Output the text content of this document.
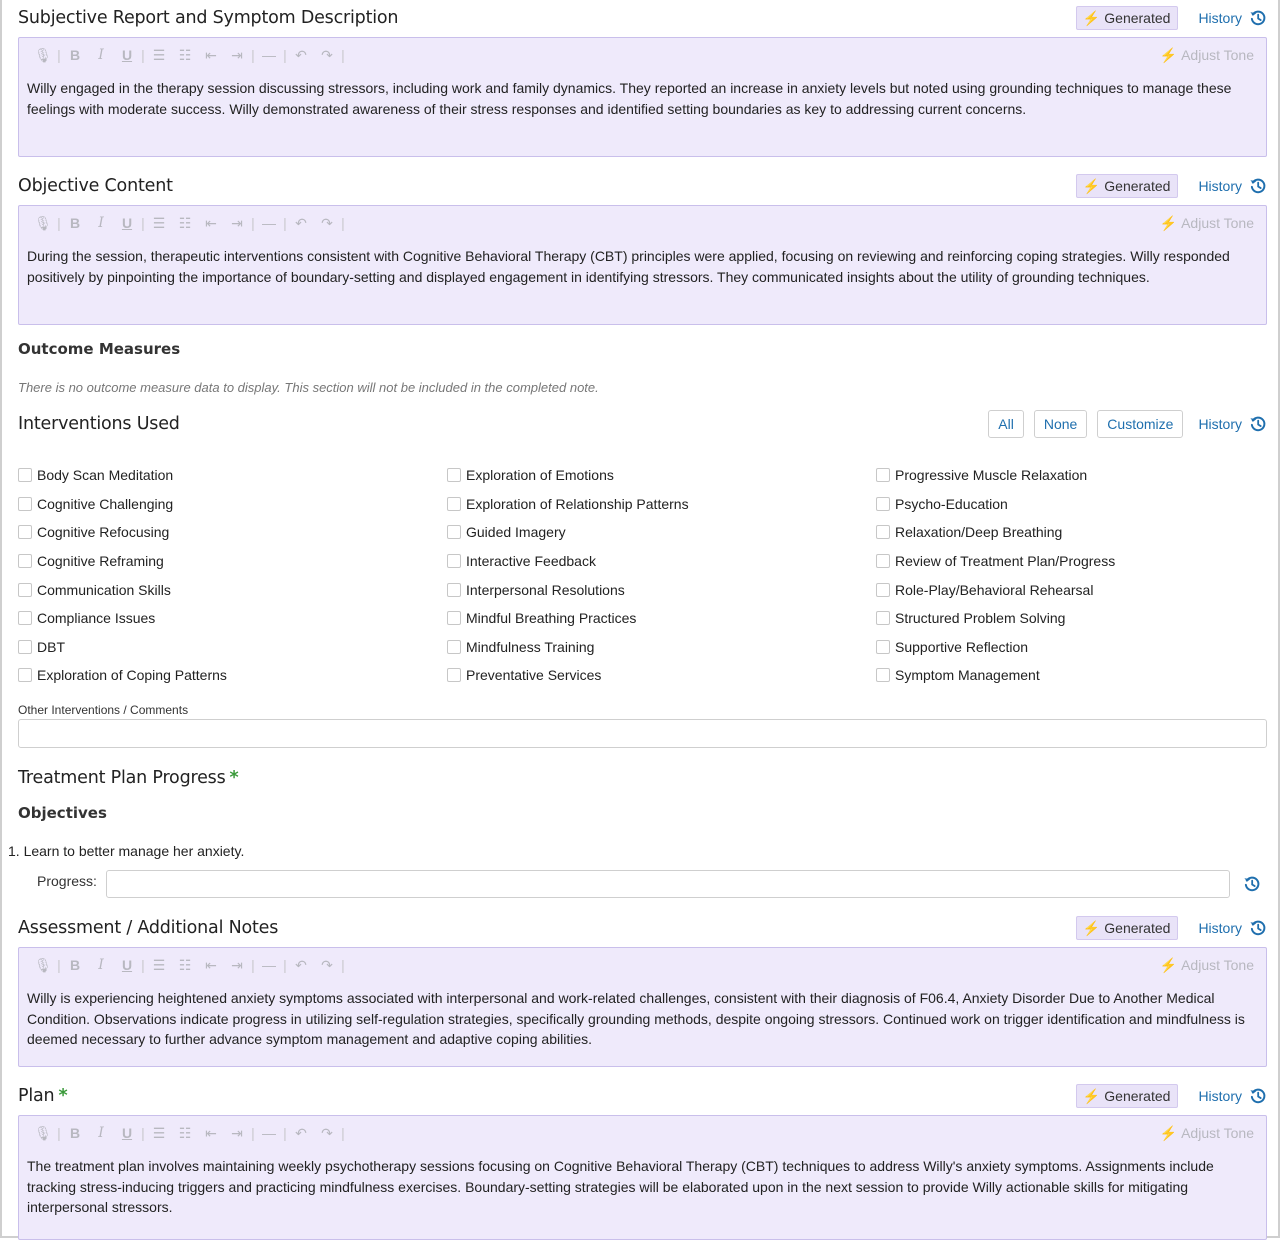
Subjective Report and Symptom Description	⚡ Generated History
🎙 | B	I	U | ☰ ☷ ⇤	⇥ | — | ↶	↷ |	⚡ Adjust Tone
Willy engaged in the therapy session discussing stressors, including work and family dynamics. They reported an increase in anxiety levels but noted using grounding techniques to manage these feelings with moderate success. Willy demonstrated awareness of their stress responses and identified setting boundaries as key to addressing current concerns.
Objective Content	⚡ Generated History
🎙 | B	I	U | ☰ ☷ ⇤	⇥ | — | ↶	↷ |	⚡ Adjust Tone
During the session, therapeutic interventions consistent with Cognitive Behavioral Therapy (CBT) principles were applied, focusing on reviewing and reinforcing coping strategies. Willy responded positively by pinpointing the importance of boundary-setting and displayed engagement in identifying stressors. They communicated insights about the utility of grounding techniques.
Outcome Measures
There is no outcome measure data to display. This section will not be included in the completed note.
Interventions Used	All	None	Customize	History
Body Scan Meditation
Cognitive Challenging
Cognitive Refocusing
Cognitive Reframing
Communication Skills
Compliance Issues
DBT
Exploration of Coping Patterns
Exploration of Emotions
Exploration of Relationship Patterns
Guided Imagery
Interactive Feedback
Interpersonal Resolutions
Mindful Breathing Practices
Mindfulness Training
Preventative Services
Progressive Muscle Relaxation
Psycho-Education
Relaxation/Deep Breathing
Review of Treatment Plan/Progress
Role-Play/Behavioral Rehearsal
Structured Problem Solving
Supportive Reflection
Symptom Management
Other Interventions / Comments
Treatment Plan Progress *
Objectives
1. Learn to better manage her anxiety.
Progress:
Assessment / Additional Notes	⚡ Generated History
🎙 | B	I	U | ☰ ☷ ⇤	⇥ | — | ↶	↷ |	⚡ Adjust Tone
Willy is experiencing heightened anxiety symptoms associated with interpersonal and work-related challenges, consistent with their diagnosis of F06.4, Anxiety Disorder Due to Another Medical Condition. Observations indicate progress in utilizing self-regulation strategies, specifically grounding methods, despite ongoing stressors. Continued work on trigger identification and mindfulness is deemed necessary to further advance symptom management and adaptive coping abilities.
Plan *	⚡ Generated History
🎙 | B	I	U | ☰ ☷ ⇤	⇥ | — | ↶	↷ |	⚡ Adjust Tone
The treatment plan involves maintaining weekly psychotherapy sessions focusing on Cognitive Behavioral Therapy (CBT) techniques to address Willy's anxiety symptoms. Assignments include tracking stress-inducing triggers and practicing mindfulness exercises. Boundary-setting strategies will be elaborated upon in the next session to provide Willy actionable skills for mitigating interpersonal stressors.
